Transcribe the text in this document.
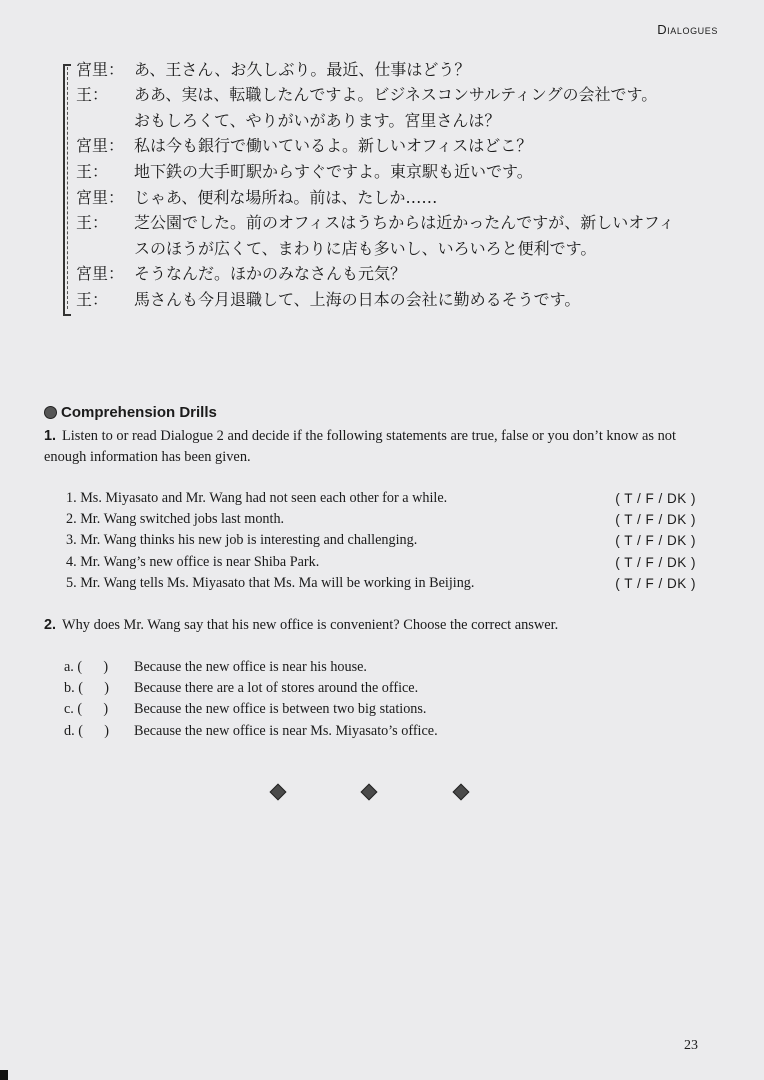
Dialogues
宮里： あ、王さん、お久しぶり。最近、仕事はどう？
王：	ああ、実は、転職したんですよ。ビジネスコンサルティングの会社です。
おもしろくて、やりがいがあります。宮里さんは？
宮里： 私は今も銀行で働いているよ。新しいオフィスはどこ？
王：	地下鉄の大手町駅からすぐですよ。東京駅も近いです。
宮里： じゃあ、便利な場所ね。前は、たしか……
王：	芝公園でした。前のオフィスはうちからは近かったんですが、新しいオフィ
スのほうが広くて、まわりに店も多いし、いろいろと便利です。
宮里： そうなんだ。ほかのみなさんも元気？
王：	馬さんも今月退職して、上海の日本の会社に勤めるそうです。
Comprehension Drills
1. Listen to or read Dialogue 2 and decide if the following statements are true, false or you don’t know as not enough information has been given.
1. Ms. Miyasato and Mr. Wang had not seen each other for a while.	( T / F / DK )
2. Mr. Wang switched jobs last month.	( T / F / DK )
3. Mr. Wang thinks his new job is interesting and challenging.	( T / F / DK )
4. Mr. Wang’s new office is near Shiba Park.	( T / F / DK )
5. Mr. Wang tells Ms. Miyasato that Ms. Ma will be working in Beijing.	( T / F / DK )
2. Why does Mr. Wang say that his new office is convenient? Choose the correct answer.
a. (      )	Because the new office is near his house.
b. (      )	Because there are a lot of stores around the office.
c. (      )	Because the new office is between two big stations.
d. (      )	Because the new office is near Ms. Miyasato’s office.
23
